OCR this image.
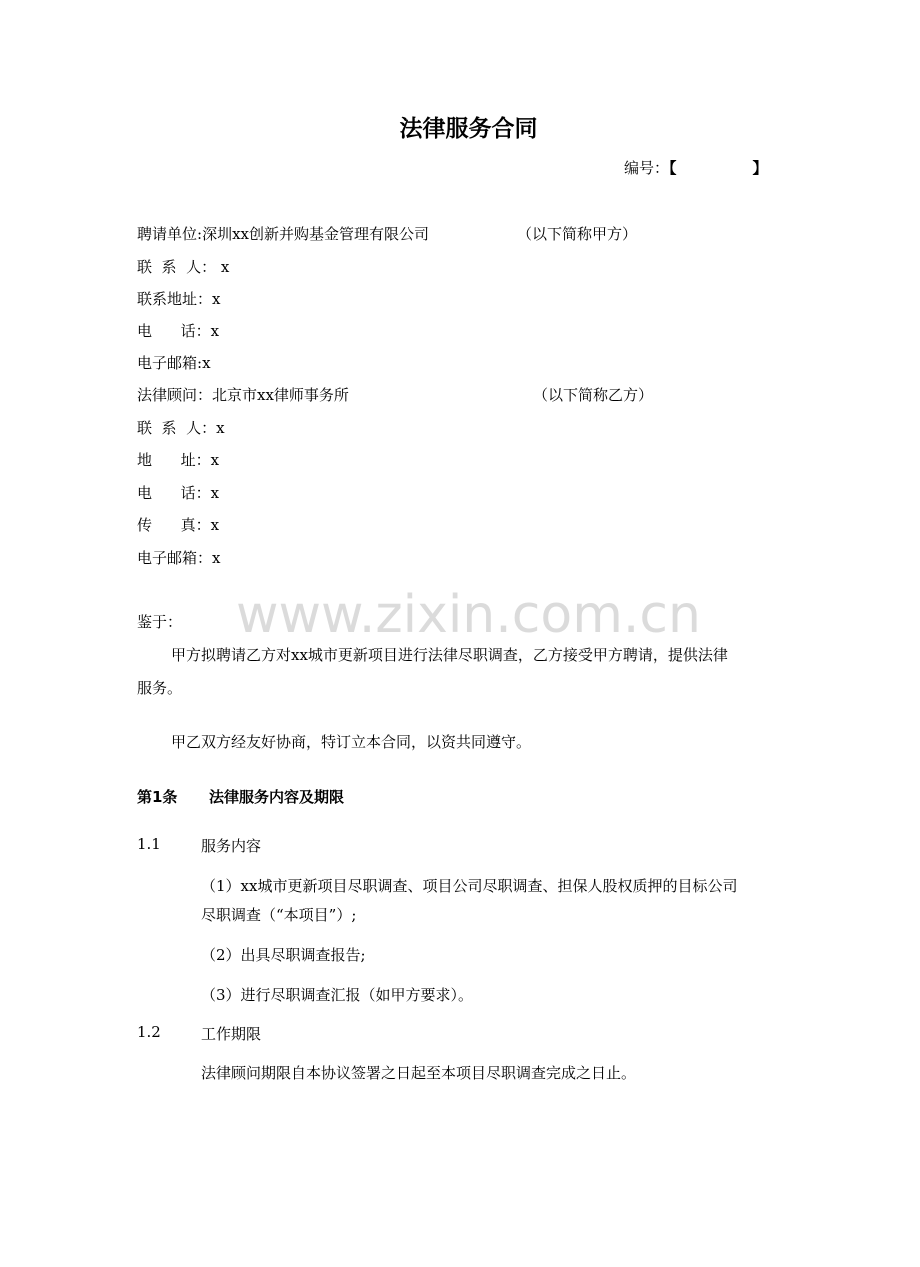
法律服务合同
编号：【	】
聘请单位:深圳xx创新并购基金管理有限公司	（以下简称甲方）
联  系  人： x
联系地址：x
电      话：x
电子邮箱:x
法律顾问：北京市xx律师事务所	（以下简称乙方）
联  系  人：x
地      址：x
电      话：x
传      真：x
电子邮箱：x
www.zixin.com.cn
鉴于：
甲方拟聘请乙方对xx城市更新项目进行法律尽职调查，乙方接受甲方聘请，提供法律
服务。
甲乙双方经友好协商，特订立本合同，以资共同遵守。
第1条 法律服务内容及期限
1.1	服务内容
（1）xx城市更新项目尽职调查、项目公司尽职调查、担保人股权质押的目标公司
尽职调查（“本项目”）;
（2）出具尽职调查报告;
（3）进行尽职调查汇报（如甲方要求）。
1.2	工作期限
法律顾问期限自本协议签署之日起至本项目尽职调查完成之日止。
